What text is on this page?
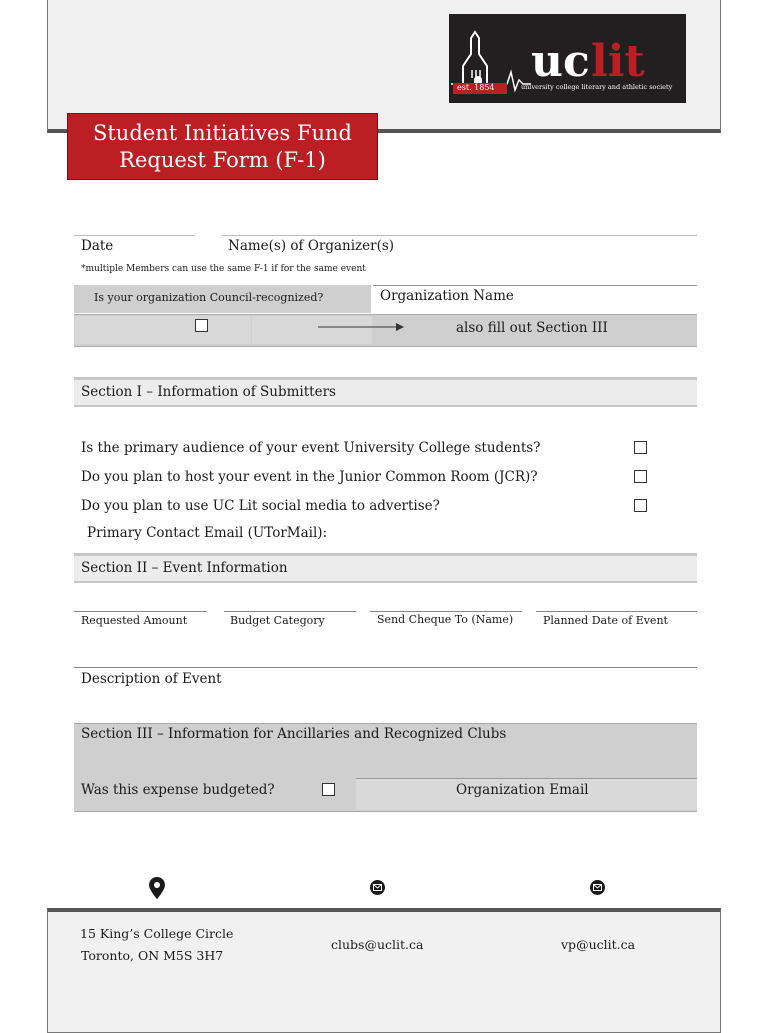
uc lit
est. 1854	university college literary and athletic society
Student Initiatives Fund
Request Form (F-1)
Date	Name(s) of Organizer(s)
*multiple Members can use the same F-1 if for the same event
Is your organization Council-recognized?	Organization Name
also fill out Section III
Section I – Information of Submitters
Is the primary audience of your event University College students?
Do you plan to host your event in the Junior Common Room (JCR)?
Do you plan to use UC Lit social media to advertise?
Primary Contact Email (UTorMail):
Section II – Event Information
Requested Amount	Budget Category	Send Cheque To (Name)	Planned Date of Event
Description of Event
Section III – Information for Ancillaries and Recognized Clubs
Was this expense budgeted?	Organization Email
15 King’s College Circle
Toronto, ON M5S 3H7
clubs@uclit.ca	vp@uclit.ca
